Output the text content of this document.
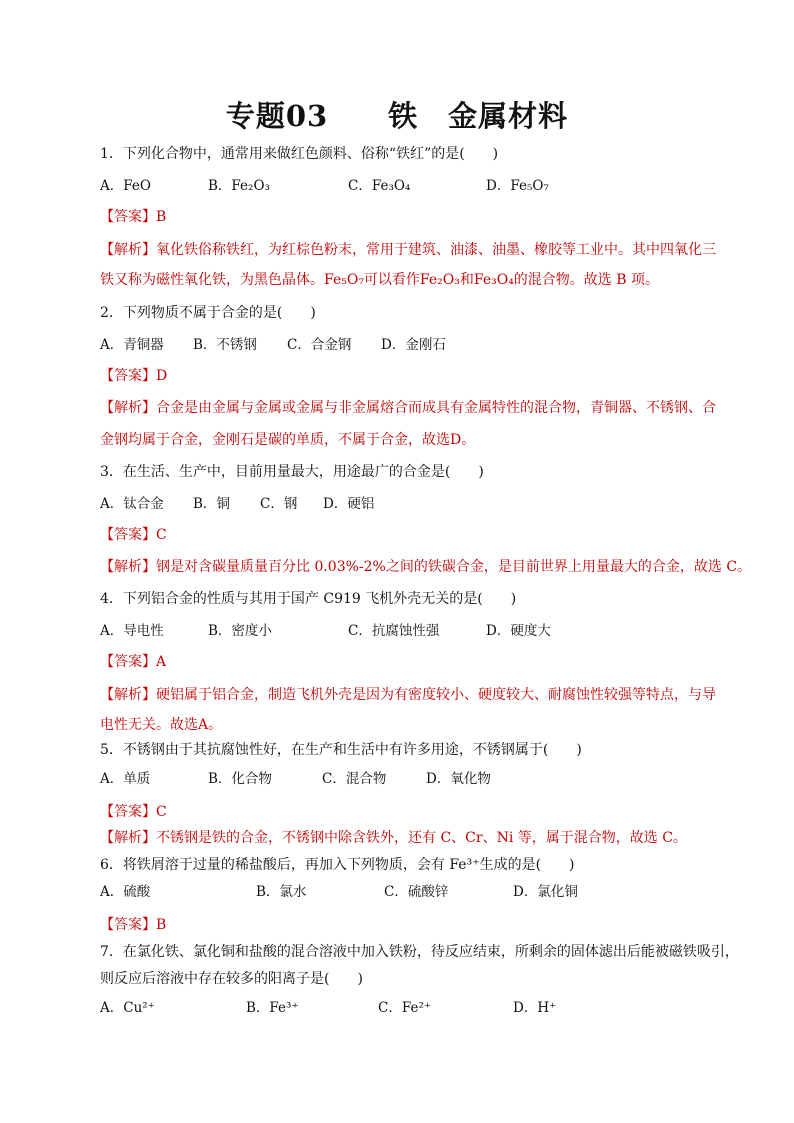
专题03　　铁　金属材料
1．下列化合物中，通常用来做红色颜料、俗称“铁红”的是(　　)
A．FeO	B．Fe₂O₃	C．Fe₃O₄	D．Fe₅O₇
【答案】B
【解析】氧化铁俗称铁红，为红棕色粉末，常用于建筑、油漆、油墨、橡胶等工业中。其中四氧化三
铁又称为磁性氧化铁，为黑色晶体。Fe₅O₇可以看作Fe₂O₃和Fe₃O₄的混合物。故选 B 项。
2．下列物质不属于合金的是(　　)
A．青铜器 B．不锈钢 C．合金钢 D．金刚石
【答案】D
【解析】合金是由金属与金属或金属与非金属熔合而成具有金属特性的混合物，青铜器、不锈钢、合
金钢均属于合金，金刚石是碳的单质，不属于合金，故选D。
3．在生活、生产中，目前用量最大，用途最广的合金是(　　)
A．钛合金 B．铜 C．钢 D．硬铝
【答案】C
【解析】钢是对含碳量质量百分比 0.03%-2%之间的铁碳合金，是目前世界上用量最大的合金，故选 C。
4．下列铝合金的性质与其用于国产 C919 飞机外壳无关的是(　　)
A．导电性	B．密度小	C．抗腐蚀性强	D．硬度大
【答案】A
【解析】硬铝属于铝合金，制造飞机外壳是因为有密度较小、硬度较大、耐腐蚀性较强等特点，与导
电性无关。故选A。
5．不锈钢由于其抗腐蚀性好，在生产和生活中有许多用途，不锈钢属于(　　)
A．单质	B．化合物	C．混合物	D．氧化物
【答案】C
【解析】不锈钢是铁的合金，不锈钢中除含铁外，还有 C、Cr、Ni 等，属于混合物，故选 C。
6．将铁屑溶于过量的稀盐酸后，再加入下列物质，会有 Fe³⁺生成的是(　　)
A．硫酸	B．氯水	C．硫酸锌	D．氯化铜
【答案】B
7．在氯化铁、氯化铜和盐酸的混合溶液中加入铁粉，待反应结束，所剩余的固体滤出后能被磁铁吸引，
则反应后溶液中存在较多的阳离子是(　　)
A．Cu²⁺	B．Fe³⁺	C．Fe²⁺	D．H⁺
